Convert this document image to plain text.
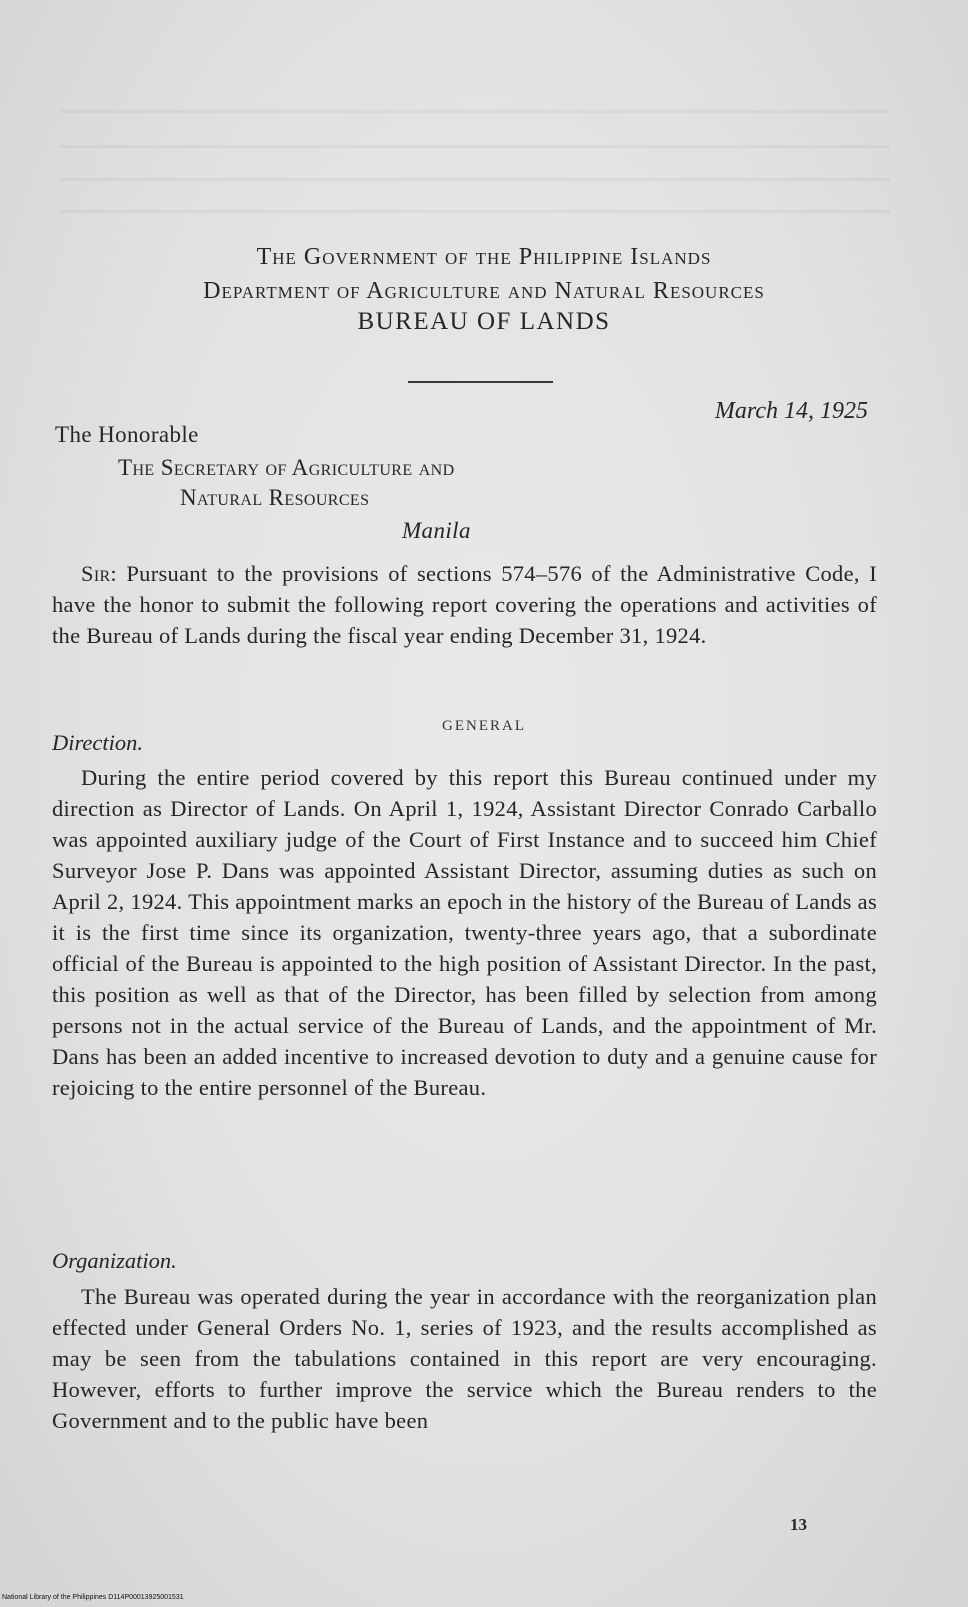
The Government of the Philippine Islands
Department of Agriculture and Natural Resources
BUREAU OF LANDS
March 14, 1925
The Honorable
The Secretary of Agriculture and
Natural Resources
Manila
Sir: Pursuant to the provisions of sections 574–576 of the Administrative Code, I have the honor to submit the following report covering the operations and activities of the Bureau of Lands during the fiscal year ending December 31, 1924.
GENERAL
Direction.
During the entire period covered by this report this Bureau continued under my direction as Director of Lands. On April 1, 1924, Assistant Director Conrado Carballo was appointed auxiliary judge of the Court of First Instance and to succeed him Chief Surveyor Jose P. Dans was appointed Assistant Director, assuming duties as such on April 2, 1924. This appointment marks an epoch in the history of the Bureau of Lands as it is the first time since its organization, twenty-three years ago, that a subordinate official of the Bureau is appointed to the high position of Assistant Director. In the past, this position as well as that of the Director, has been filled by selection from among persons not in the actual service of the Bureau of Lands, and the appointment of Mr. Dans has been an added incentive to increased devotion to duty and a genuine cause for rejoicing to the entire personnel of the Bureau.
Organization.
The Bureau was operated during the year in accordance with the reorganization plan effected under General Orders No. 1, series of 1923, and the results accomplished as may be seen from the tabulations contained in this report are very encouraging. However, efforts to further improve the service which the Bureau renders to the Government and to the public have been
13
National Library of the Philippines D114P00013925001531
